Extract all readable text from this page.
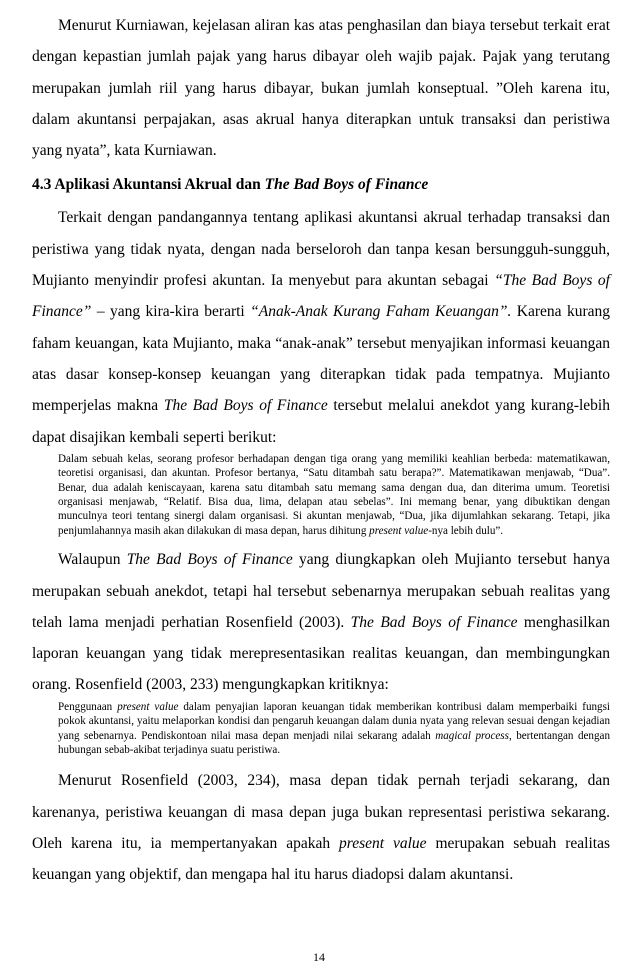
Menurut Kurniawan, kejelasan aliran kas atas penghasilan dan biaya tersebut terkait erat dengan kepastian jumlah pajak yang harus dibayar oleh wajib pajak. Pajak yang terutang merupakan jumlah riil yang harus dibayar, bukan jumlah konseptual. ”Oleh karena itu, dalam akuntansi perpajakan, asas akrual hanya diterapkan untuk transaksi dan peristiwa yang nyata”, kata Kurniawan.

4.3 Aplikasi Akuntansi Akrual dan The Bad Boys of Finance

Terkait dengan pandangannya tentang aplikasi akuntansi akrual terhadap transaksi dan peristiwa yang tidak nyata, dengan nada berseloroh dan tanpa kesan bersungguh-sungguh, Mujianto menyindir profesi akuntan. Ia menyebut para akuntan sebagai “The Bad Boys of Finance” – yang kira-kira berarti “Anak-Anak Kurang Faham Keuangan”. Karena kurang faham keuangan, kata Mujianto, maka “anak-anak” tersebut menyajikan informasi keuangan atas dasar konsep-konsep keuangan yang diterapkan tidak pada tempatnya. Mujianto memperjelas makna The Bad Boys of Finance tersebut melalui anekdot yang kurang-lebih dapat disajikan kembali seperti berikut:

Dalam sebuah kelas, seorang profesor berhadapan dengan tiga orang yang memiliki keahlian berbeda: matematikawan, teoretisi organisasi, dan akuntan. Profesor bertanya, “Satu ditambah satu berapa?”. Matematikawan menjawab, “Dua”. Benar, dua adalah keniscayaan, karena satu ditambah satu memang sama dengan dua, dan diterima umum. Teoretisi organisasi menjawab, “Relatif. Bisa dua, lima, delapan atau sebelas”. Ini memang benar, yang dibuktikan dengan munculnya teori tentang sinergi dalam organisasi. Si akuntan menjawab, “Dua, jika dijumlahkan sekarang. Tetapi, jika penjumlahannya masih akan dilakukan di masa depan, harus dihitung present value-nya lebih dulu”.

Walaupun The Bad Boys of Finance yang diungkapkan oleh Mujianto tersebut hanya merupakan sebuah anekdot, tetapi hal tersebut sebenarnya merupakan sebuah realitas yang telah lama menjadi perhatian Rosenfield (2003). The Bad Boys of Finance menghasilkan laporan keuangan yang tidak merepresentasikan realitas keuangan, dan membingungkan orang. Rosenfield (2003, 233) mengungkapkan kritiknya:

Penggunaan present value dalam penyajian laporan keuangan tidak memberikan kontribusi dalam memperbaiki fungsi pokok akuntansi, yaitu melaporkan kondisi dan pengaruh keuangan dalam dunia nyata yang relevan sesuai dengan kejadian yang sebenarnya. Pendiskontoan nilai masa depan menjadi nilai sekarang adalah magical process, bertentangan dengan hubungan sebab-akibat terjadinya suatu peristiwa.

Menurut Rosenfield (2003, 234), masa depan tidak pernah terjadi sekarang, dan karenanya, peristiwa keuangan di masa depan juga bukan representasi peristiwa sekarang. Oleh karena itu, ia mempertanyakan apakah present value merupakan sebuah realitas keuangan yang objektif, dan mengapa hal itu harus diadopsi dalam akuntansi.

14
